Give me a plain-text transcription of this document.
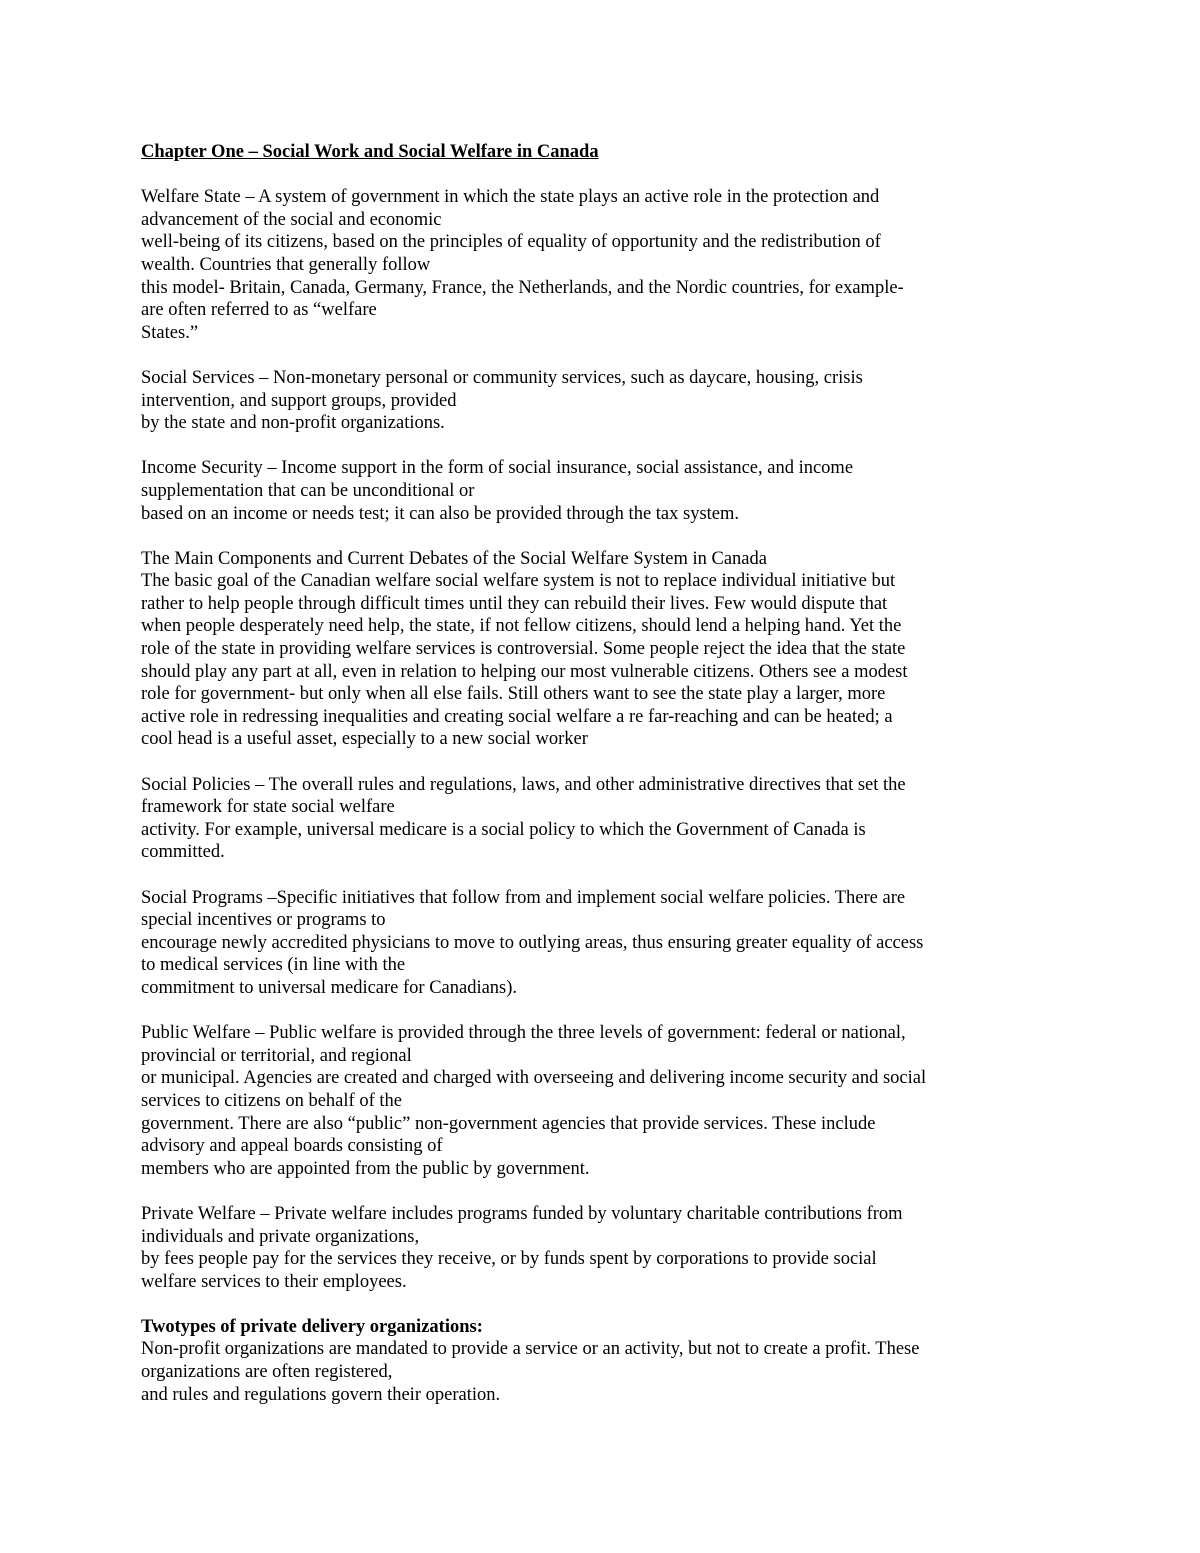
Chapter One – Social Work and Social Welfare in Canada
Welfare State – A system of government in which the state plays an active role in the protection and
advancement of the social and economic
well-being of its citizens, based on the principles of equality of opportunity and the redistribution of
wealth. Countries that generally follow
this model- Britain, Canada, Germany, France, the Netherlands, and the Nordic countries, for example-
are often referred to as “welfare
States.”
Social Services – Non-monetary personal or community services, such as daycare, housing, crisis
intervention, and support groups, provided
by the state and non-profit organizations.
Income Security – Income support in the form of social insurance, social assistance, and income
supplementation that can be unconditional or
based on an income or needs test; it can also be provided through the tax system.
The Main Components and Current Debates of the Social Welfare System in Canada
The basic goal of the Canadian welfare social welfare system is not to replace individual initiative but
rather to help people through difficult times until they can rebuild their lives. Few would dispute that
when people desperately need help, the state, if not fellow citizens, should lend a helping hand. Yet the
role of the state in providing welfare services is controversial. Some people reject the idea that the state
should play any part at all, even in relation to helping our most vulnerable citizens. Others see a modest
role for government- but only when all else fails. Still others want to see the state play a larger, more
active role in redressing inequalities and creating social welfare a re far-reaching and can be heated; a
cool head is a useful asset, especially to a new social worker
Social Policies – The overall rules and regulations, laws, and other administrative directives that set the
framework for state social welfare
activity. For example, universal medicare is a social policy to which the Government of Canada is
committed.
Social Programs –Specific initiatives that follow from and implement social welfare policies. There are
special incentives or programs to
encourage newly accredited physicians to move to outlying areas, thus ensuring greater equality of access
to medical services (in line with the
commitment to universal medicare for Canadians).
Public Welfare – Public welfare is provided through the three levels of government: federal or national,
provincial or territorial, and regional
or municipal. Agencies are created and charged with overseeing and delivering income security and social
services to citizens on behalf of the
government. There are also “public” non-government agencies that provide services. These include
advisory and appeal boards consisting of
members who are appointed from the public by government.
Private Welfare – Private welfare includes programs funded by voluntary charitable contributions from
individuals and private organizations,
by fees people pay for the services they receive, or by funds spent by corporations to provide social
welfare services to their employees.
Twotypes of private delivery organizations:
Non-profit organizations are mandated to provide a service or an activity, but not to create a profit. These
organizations are often registered,
and rules and regulations govern their operation.
